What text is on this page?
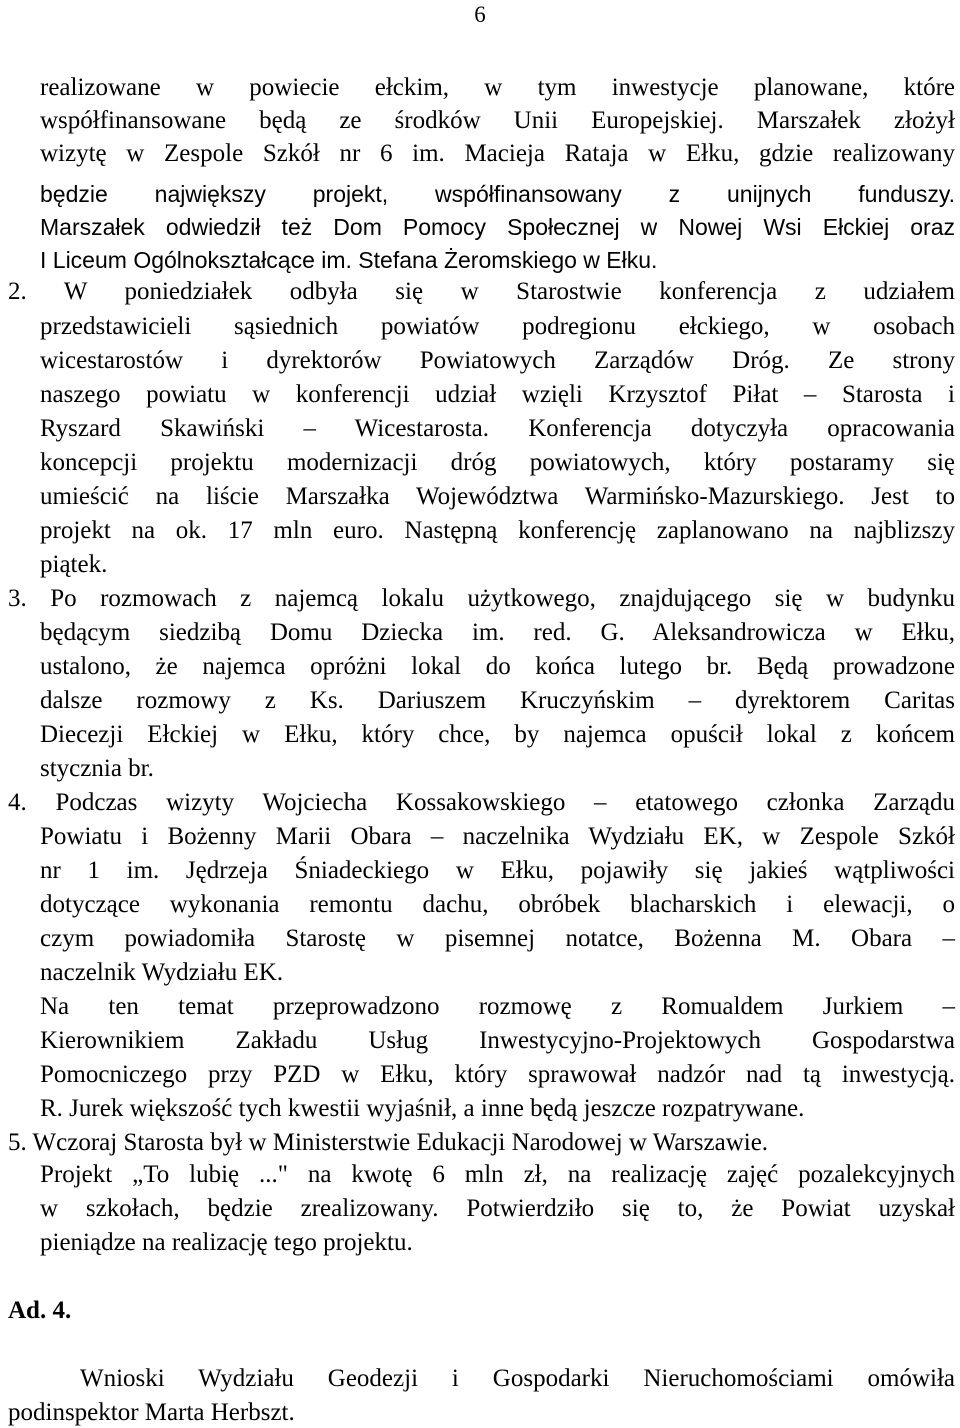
6
realizowane w powiecie ełckim, w tym inwestycje planowane, które
współfinansowane będą ze środków Unii Europejskiej. Marszałek złożył
wizytę w Zespole Szkół nr 6 im. Macieja Rataja w Ełku, gdzie realizowany
będzie największy projekt, współfinansowany z unijnych funduszy.
Marszałek odwiedził też Dom Pomocy Społecznej w Nowej Wsi Ełckiej oraz
I Liceum Ogólnokształcące im. Stefana Żeromskiego w Ełku.
2. W poniedziałek odbyła się w Starostwie konferencja z udziałem
przedstawicieli sąsiednich powiatów podregionu ełckiego, w osobach
wicestarostów i dyrektorów Powiatowych Zarządów Dróg. Ze strony
naszego powiatu w konferencji udział wzięli Krzysztof Piłat – Starosta i
Ryszard Skawiński – Wicestarosta. Konferencja dotyczyła opracowania
koncepcji projektu modernizacji dróg powiatowych, który postaramy się
umieścić na liście Marszałka Województwa Warmińsko-Mazurskiego. Jest to
projekt na ok. 17 mln euro. Następną konferencję zaplanowano na najblizszy
piątek.
3. Po rozmowach z najemcą lokalu użytkowego, znajdującego się w budynku
będącym siedzibą Domu Dziecka im. red. G. Aleksandrowicza w Ełku,
ustalono, że najemca opróżni lokal do końca lutego br. Będą prowadzone
dalsze rozmowy z Ks. Dariuszem Kruczyńskim – dyrektorem Caritas
Diecezji Ełckiej w Ełku, który chce, by najemca opuścił lokal z końcem
stycznia br.
4. Podczas wizyty Wojciecha Kossakowskiego – etatowego członka Zarządu
Powiatu i Bożenny Marii Obara – naczelnika Wydziału EK, w Zespole Szkół
nr 1 im. Jędrzeja Śniadeckiego w Ełku, pojawiły się jakieś wątpliwości
dotyczące wykonania remontu dachu, obróbek blacharskich i elewacji, o
czym powiadomiła Starostę w pisemnej notatce, Bożenna M. Obara –
naczelnik Wydziału EK.
Na ten temat przeprowadzono rozmowę z Romualdem Jurkiem –
Kierownikiem Zakładu Usług Inwestycyjno-Projektowych Gospodarstwa
Pomocniczego przy PZD w Ełku, który sprawował nadzór nad tą inwestycją.
R. Jurek większość tych kwestii wyjaśnił, a inne będą jeszcze rozpatrywane.
5. Wczoraj Starosta był w Ministerstwie Edukacji Narodowej w Warszawie.
Projekt „To lubię ..." na kwotę 6 mln zł, na realizację zajęć pozalekcyjnych
w szkołach, będzie zrealizowany. Potwierdziło się to, że Powiat uzyskał
pieniądze na realizację tego projektu.
Ad. 4.
Wnioski Wydziału Geodezji i Gospodarki Nieruchomościami omówiła
podinspektor Marta Herbszt.
